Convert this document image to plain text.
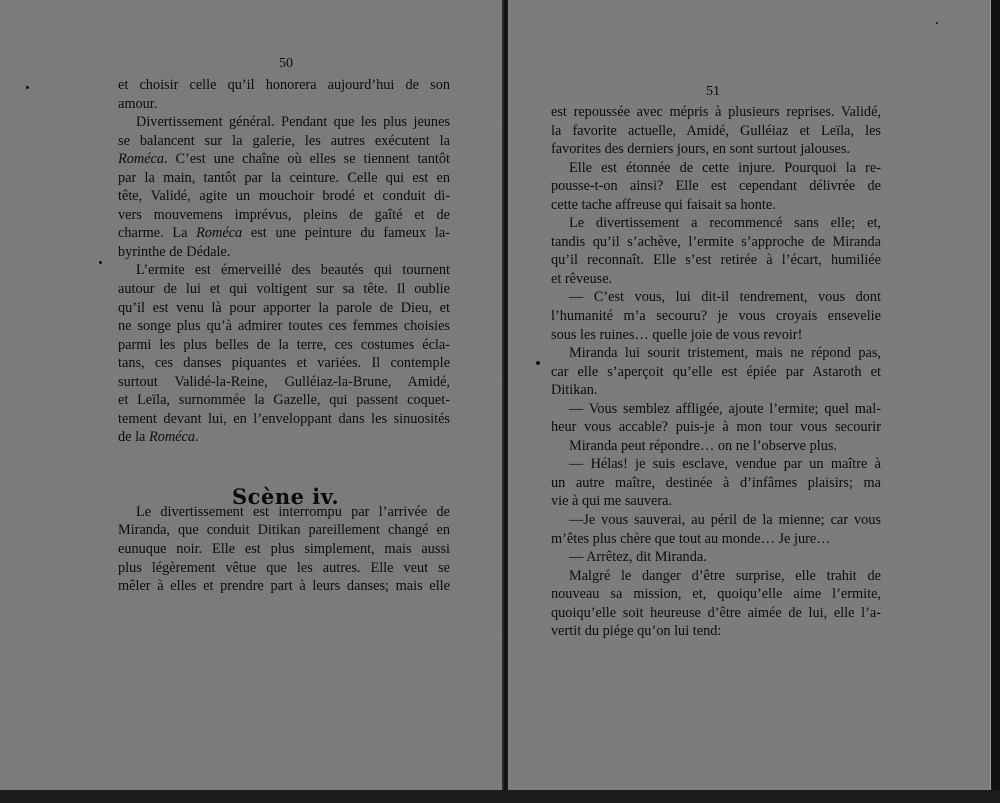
50
et choisir celle qu’il honorera aujourd’hui de son
amour.
Divertissement général. Pendant que les plus jeunes
se balancent sur la galerie, les autres exécutent la
Roméca. C’est une chaîne où elles se tiennent tantôt
par la main, tantôt par la ceinture. Celle qui est en
tête, Validé, agite un mouchoir brodé et conduit di-
vers mouvemens imprévus, pleins de gaîté et de
charme. La Roméca est une peinture du fameux la-
byrinthe de Dédale.
L’ermite est émerveillé des beautés qui tournent
autour de lui et qui voltigent sur sa tête. Il oublie
qu’il est venu là pour apporter la parole de Dieu, et
ne songe plus qu’à admirer toutes ces femmes choisies
parmi les plus belles de la terre, ces costumes écla-
tans, ces danses piquantes et variées. Il contemple
surtout Validé-la-Reine, Gulléiaz-la-Brune, Amidé,
et Leïla, surnommée la Gazelle, qui passent coquet-
tement devant lui, en l’enveloppant dans les sinuosités
de la Roméca.
Le divertissement est interrompu par l’arrivée de
Miranda, que conduit Ditikan pareillement changé en
eunuque noir. Elle est plus simplement, mais aussi
plus légèrement vêtue que les autres. Elle veut se
mêler à elles et prendre part à leurs danses; mais elle
Scène iv.
51
est repoussée avec mépris à plusieurs reprises. Validé,
la favorite actuelle, Amidé, Gulléiaz et Leïla, les
favorites des derniers jours, en sont surtout jalouses.
Elle est étonnée de cette injure. Pourquoi la re-
pousse-t-on ainsi? Elle est cependant délivrée de
cette tache affreuse qui faisait sa honte.
Le divertissement a recommencé sans elle; et,
tandis qu’il s’achève, l’ermite s’approche de Miranda
qu’il reconnaît. Elle s’est retirée à l’écart, humiliée
et rêveuse.
— C’est vous, lui dit-il tendrement, vous dont
l’humanité m’a secouru? je vous croyais ensevelie
sous les ruines… quelle joie de vous revoir!
Miranda lui sourit tristement, mais ne répond pas,
car elle s’aperçoit qu’elle est épiée par Astaroth et
Ditikan.
— Vous semblez affligée, ajoute l’ermite; quel mal-
heur vous accable? puis-je à mon tour vous secourir
Miranda peut répondre… on ne l’observe plus.
— Hélas! je suis esclave, vendue par un maître à
un autre maître, destinée à d’infâmes plaisirs; ma
vie à qui me sauvera.
—Je vous sauverai, au péril de la mienne; car vous
m’êtes plus chère que tout au monde… Je jure…
— Arrêtez, dit Miranda.
Malgré le danger d’être surprise, elle trahit de
nouveau sa mission, et, quoiqu’elle aime l’ermite,
quoiqu’elle soit heureuse d’être aimée de lui, elle l’a-
vertit du piége qu’on lui tend:
